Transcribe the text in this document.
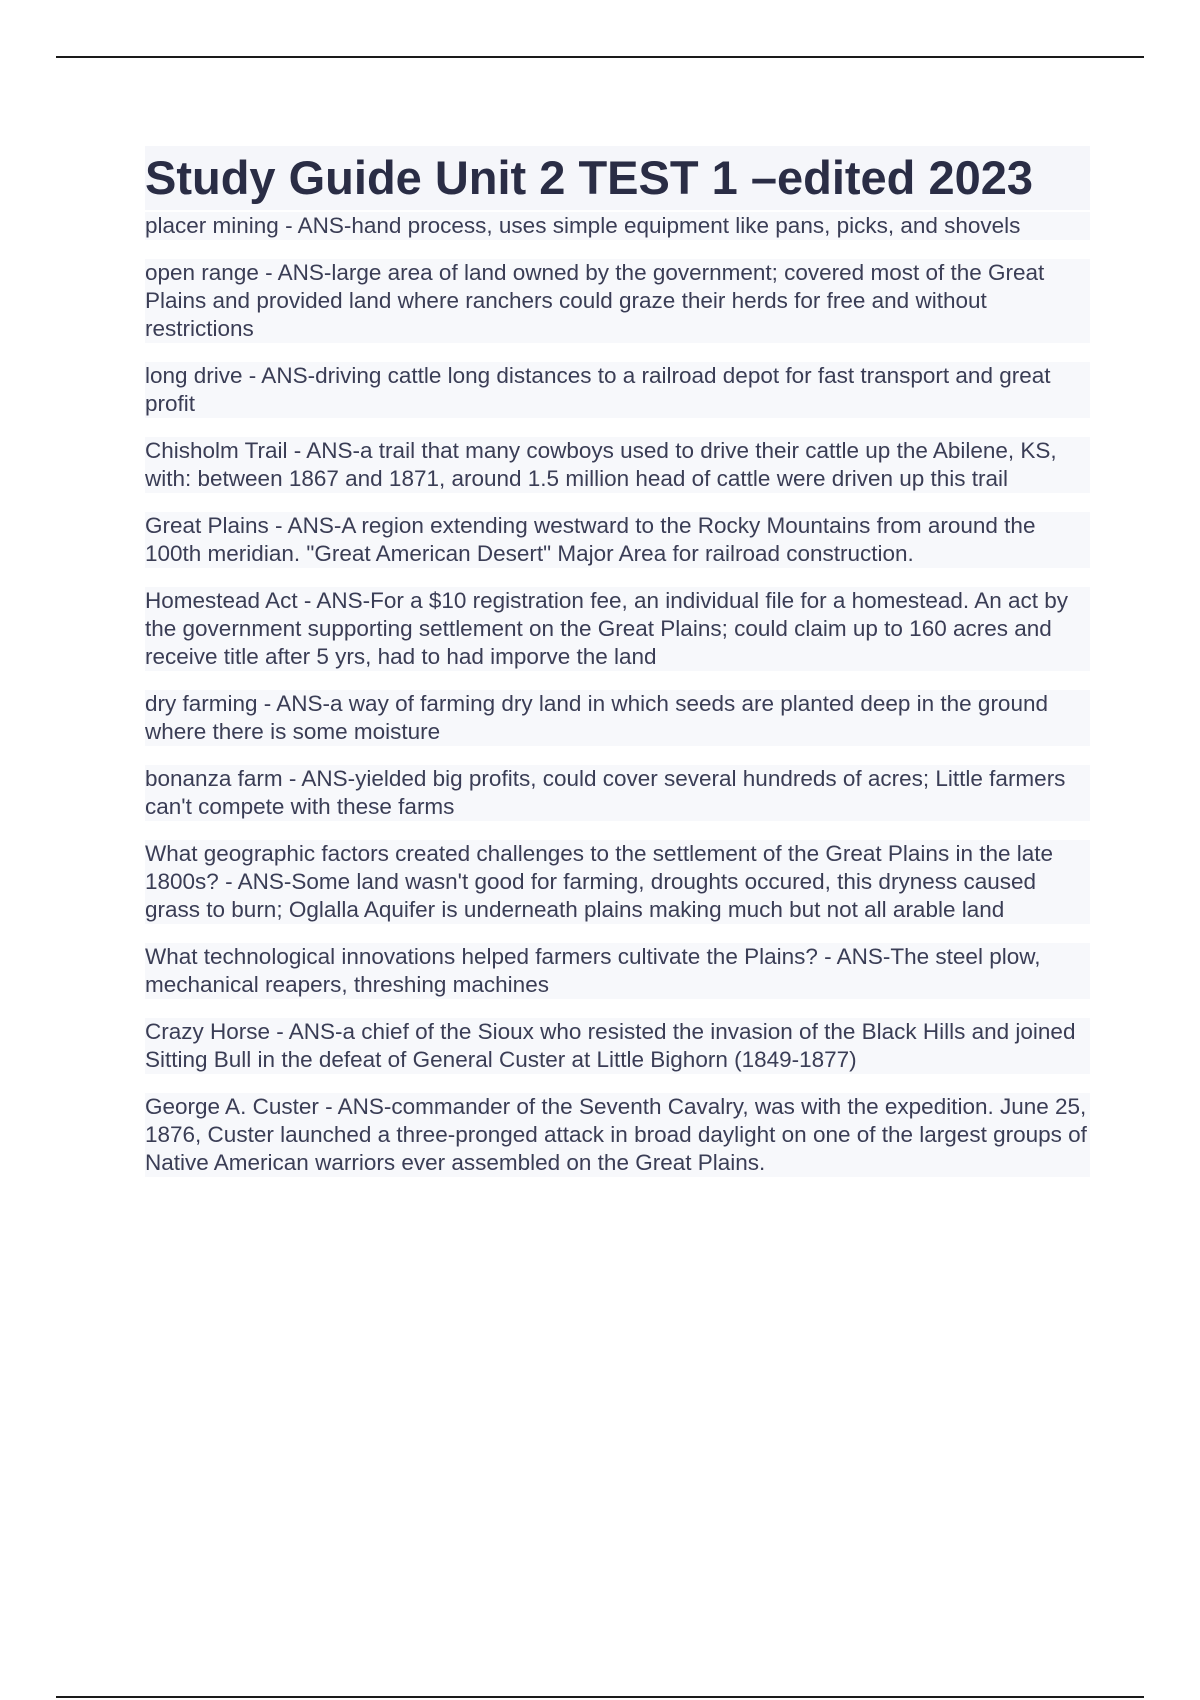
Study Guide Unit 2 TEST 1 –edited 2023

placer mining - ANS-hand process, uses simple equipment like pans, picks, and shovels

open range - ANS-large area of land owned by the government; covered most of the Great Plains and provided land where ranchers could graze their herds for free and without restrictions

long drive - ANS-driving cattle long distances to a railroad depot for fast transport and great profit

Chisholm Trail - ANS-a trail that many cowboys used to drive their cattle up the Abilene, KS, with: between 1867 and 1871, around 1.5 million head of cattle were driven up this trail

Great Plains - ANS-A region extending westward to the Rocky Mountains from around the 100th meridian. "Great American Desert" Major Area for railroad construction.

Homestead Act - ANS-For a $10 registration fee, an individual file for a homestead. An act by the government supporting settlement on the Great Plains; could claim up to 160 acres and receive title after 5 yrs, had to had imporve the land

dry farming - ANS-a way of farming dry land in which seeds are planted deep in the ground where there is some moisture

bonanza farm - ANS-yielded big profits, could cover several hundreds of acres; Little farmers can't compete with these farms

What geographic factors created challenges to the settlement of the Great Plains in the late 1800s? - ANS-Some land wasn't good for farming, droughts occured, this dryness caused grass to burn; Oglalla Aquifer is underneath plains making much but not all arable land

What technological innovations helped farmers cultivate the Plains? - ANS-The steel plow, mechanical reapers, threshing machines

Crazy Horse - ANS-a chief of the Sioux who resisted the invasion of the Black Hills and joined Sitting Bull in the defeat of General Custer at Little Bighorn (1849-1877)

George A. Custer - ANS-commander of the Seventh Cavalry, was with the expedition. June 25, 1876, Custer launched a three-pronged attack in broad daylight on one of the largest groups of Native American warriors ever assembled on the Great Plains.
